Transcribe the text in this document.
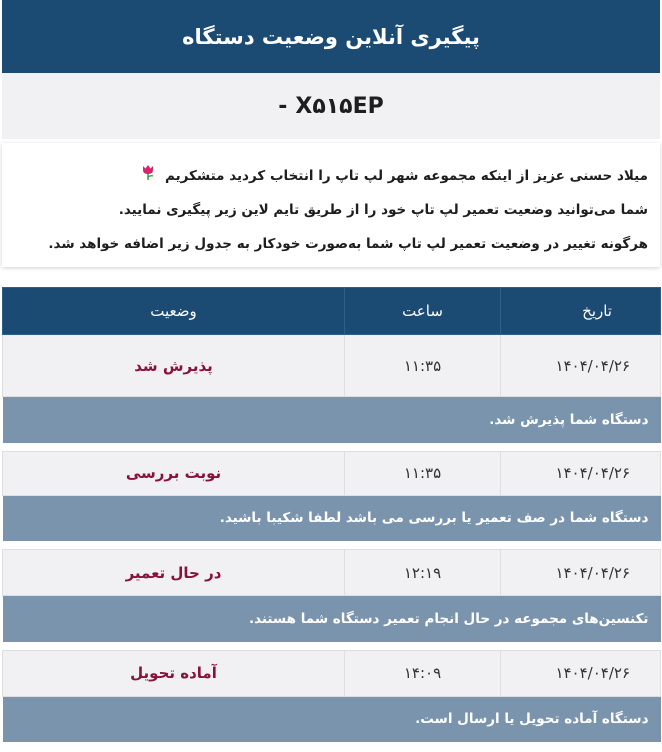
پیگیری آنلاین وضعیت دستگاه
- X۵۱۵EP
میلاد حسنی عزیز از اینکه مجموعه شهر لپ تاپ را انتخاب کردید متشکریم
شما می‌توانید وضعیت تعمیر لپ تاپ خود را از طریق تایم لاین زیر پیگیری نمایید.
هرگونه تغییر در وضعیت تعمیر لپ تاپ شما به‌صورت خودکار به جدول زیر اضافه خواهد شد.
تاریخ	ساعت	وضعیت
۱۴۰۴/۰۴/۲۶	۱۱:۳۵	پذیرش شد
دستگاه شما پذیرش شد.		

۱۴۰۴/۰۴/۲۶	۱۱:۳۵	نوبت بررسی
دستگاه شما در صف تعمیر یا بررسی می باشد لطفا شکیبا باشید.		

۱۴۰۴/۰۴/۲۶	۱۲:۱۹	در حال تعمیر
تکنسین‌های مجموعه در حال انجام تعمیر دستگاه شما هستند.		

۱۴۰۴/۰۴/۲۶	۱۴:۰۹	آماده تحویل
دستگاه آماده تحویل یا ارسال است.		
